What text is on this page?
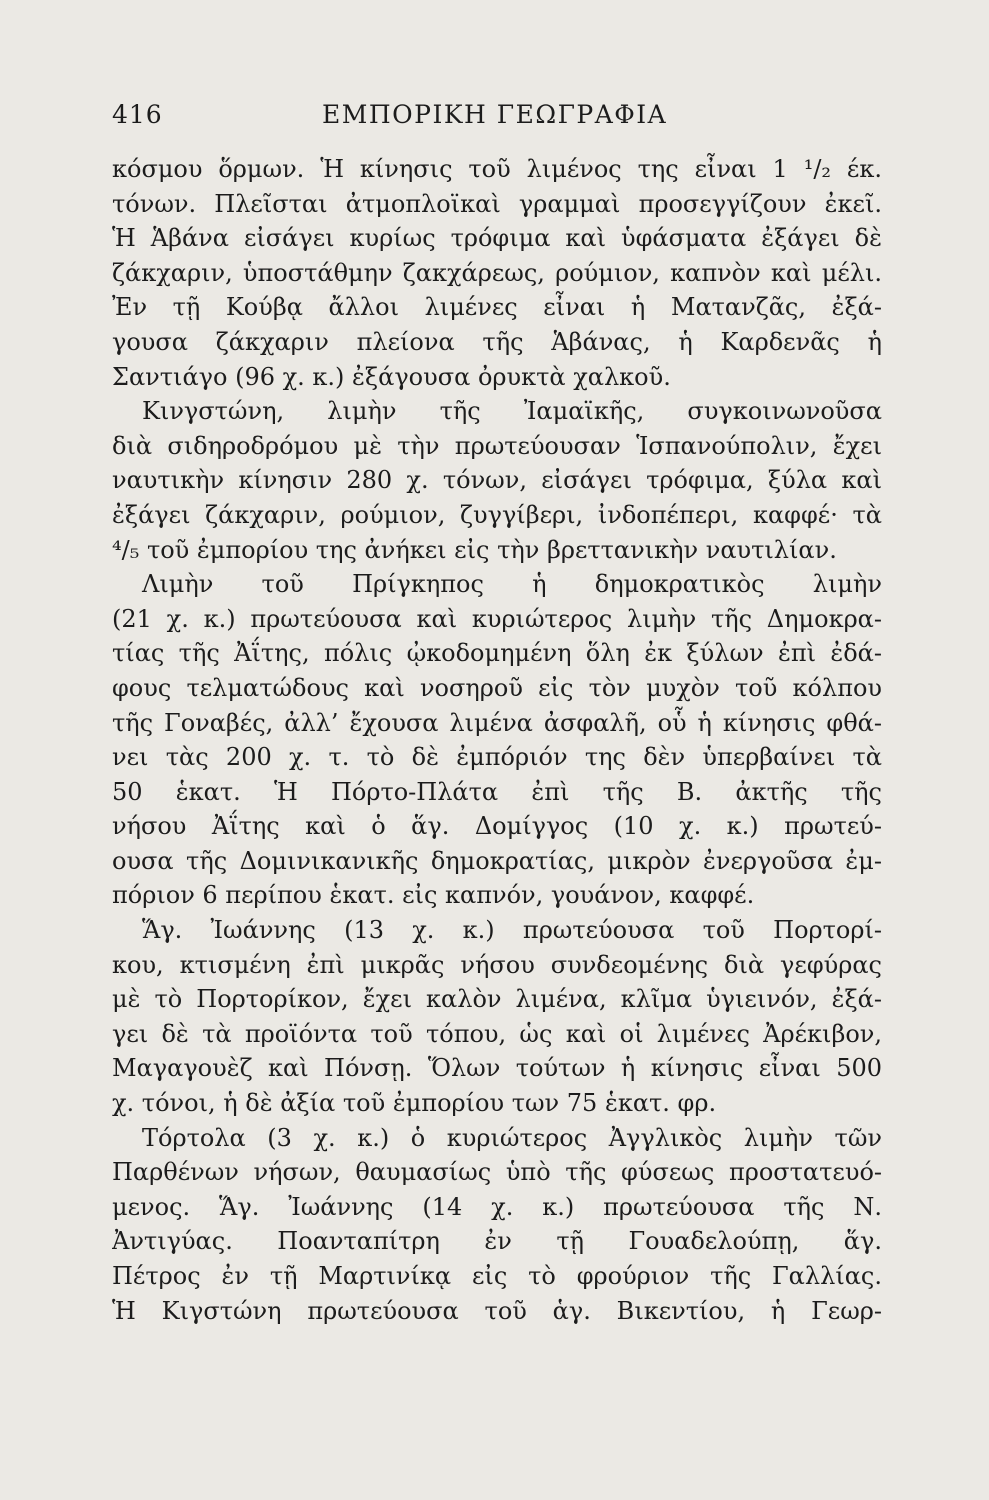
416	ΕΜΠΟΡΙΚΗ ΓΕΩΓΡΑΦΙΑ
κόσμου ὅρμων. Ἡ κίνησις τοῦ λιμένος της εἶναι 1 ¹/₂ έκ.
τόνων. Πλεῖσται ἀτμοπλοϊκαὶ γραμμαὶ προσεγγίζουν ἐκεῖ.
Ἡ Ἁβάνα εἰσάγει κυρίως τρόφιμα καὶ ὑφάσματα ἐξάγει δὲ
ζάκχαριν, ὑποστάθμην ζακχάρεως, ρούμιον, καπνὸν καὶ μέλι.
Ἐν τῇ Κούβᾳ ἄλλοι λιμένες εἶναι ἡ Ματανζᾶς, ἐξά-
γουσα ζάκχαριν πλείονα τῆς Ἁβάνας, ἡ Καρδενᾶς ἡ
Σαντιάγο (96 χ. κ.) ἐξάγουσα ὀρυκτὰ χαλκοῦ.
Κινγστώνη, λιμὴν τῆς Ἰαμαϊκῆς, συγκοινωνοῦσα
διὰ σιδηροδρόμου μὲ τὴν πρωτεύουσαν Ἱσπανούπολιν, ἔχει
ναυτικὴν κίνησιν 280 χ. τόνων, εἰσάγει τρόφιμα, ξύλα καὶ
ἐξάγει ζάκχαριν, ρούμιον, ζυγγίβερι, ἰνδοπέπερι, καφφέ· τὰ
⁴/₅ τοῦ ἐμπορίου της ἀνήκει εἰς τὴν βρεττανικὴν ναυτιλίαν.
Λιμὴν τοῦ Πρίγκηπος ἡ δημοκρατικὸς λιμὴν
(21 χ. κ.) πρωτεύουσα καὶ κυριώτερος λιμὴν τῆς Δημοκρα-
τίας τῆς Ἀΐτης, πόλις ᾠκοδομημένη ὅλη ἐκ ξύλων ἐπὶ ἐδά-
φους τελματώδους καὶ νοσηροῦ εἰς τὸν μυχὸν τοῦ κόλπου
τῆς Γοναβές, ἀλλ’ ἔχουσα λιμένα ἀσφαλῆ, οὗ ἡ κίνησις φθά-
νει τὰς 200 χ. τ. τὸ δὲ ἐμπόριόν της δὲν ὑπερβαίνει τὰ
50 ἑκατ. Ἡ Πόρτο-Πλάτα ἐπὶ τῆς Β. ἀκτῆς τῆς
νήσου Ἀΐτης καὶ ὁ ἅγ. Δομίγγος (10 χ. κ.) πρωτεύ-
ουσα τῆς Δομινικανικῆς δημοκρατίας, μικρὸν ἐνεργοῦσα ἐμ-
πόριον 6 περίπου ἑκατ. εἰς καπνόν, γουάνον, καφφέ.
Ἅγ. Ἰωάννης (13 χ. κ.) πρωτεύουσα τοῦ Πορτορί-
κου, κτισμένη ἐπὶ μικρᾶς νήσου συνδεομένης διὰ γεφύρας
μὲ τὸ Πορτορίκον, ἔχει καλὸν λιμένα, κλῖμα ὑγιεινόν, ἐξά-
γει δὲ τὰ προϊόντα τοῦ τόπου, ὡς καὶ οἱ λιμένες Ἀρέκιβον,
Μαγαγουὲζ καὶ Πόνσῃ. Ὅλων τούτων ἡ κίνησις εἶναι 500
χ. τόνοι, ἡ δὲ ἀξία τοῦ ἐμπορίου των 75 ἑκατ. φρ.
Τόρτολα (3 χ. κ.) ὁ κυριώτερος Ἀγγλικὸς λιμὴν τῶν
Παρθένων νήσων, θαυμασίως ὑπὸ τῆς φύσεως προστατευό-
μενος. Ἅγ. Ἰωάννης (14 χ. κ.) πρωτεύουσα τῆς Ν.
Ἀντιγύας. Ποανταπίτρη ἐν τῇ Γουαδελούπῃ, ἅγ.
Πέτρος ἐν τῇ Μαρτινίκᾳ εἰς τὸ φρούριον τῆς Γαλλίας.
Ἡ Κιγστώνη πρωτεύουσα τοῦ ἁγ. Βικεντίου, ἡ Γεωρ-
